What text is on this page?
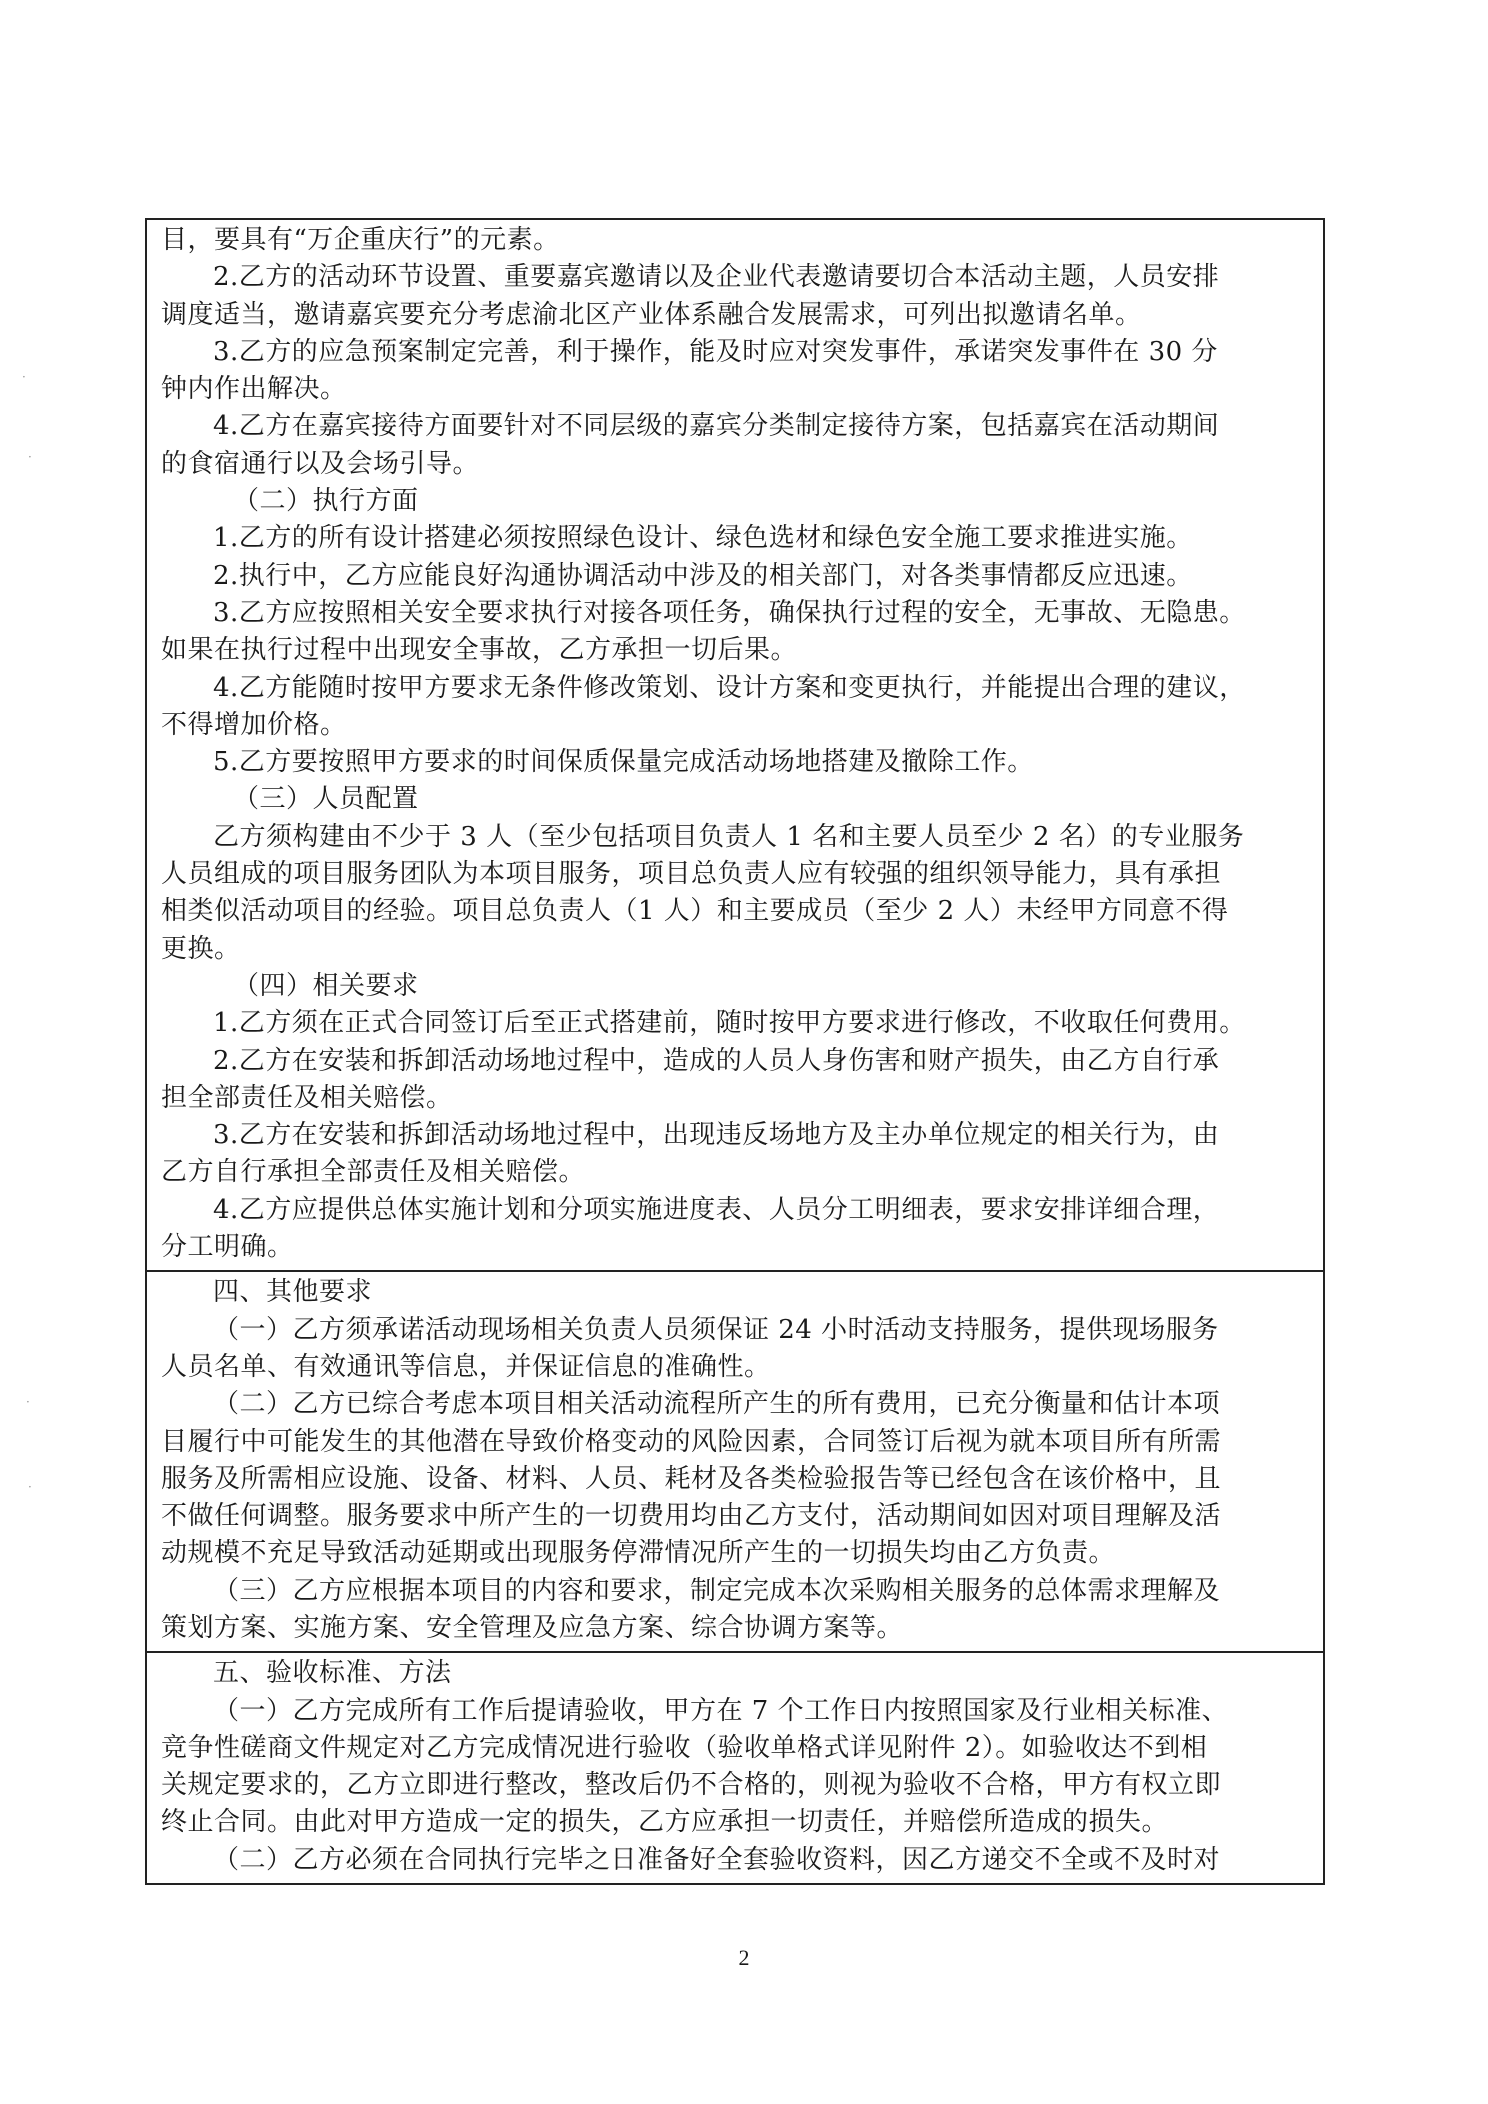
目，要具有“万企重庆行”的元素。
2.乙方的活动环节设置、重要嘉宾邀请以及企业代表邀请要切合本活动主题，人员安排
调度适当，邀请嘉宾要充分考虑渝北区产业体系融合发展需求，可列出拟邀请名单。
3.乙方的应急预案制定完善，利于操作，能及时应对突发事件，承诺突发事件在 30 分
钟内作出解决。
4.乙方在嘉宾接待方面要针对不同层级的嘉宾分类制定接待方案，包括嘉宾在活动期间
的食宿通行以及会场引导。
（二）执行方面
1.乙方的所有设计搭建必须按照绿色设计、绿色选材和绿色安全施工要求推进实施。
2.执行中，乙方应能良好沟通协调活动中涉及的相关部门，对各类事情都反应迅速。
3.乙方应按照相关安全要求执行对接各项任务，确保执行过程的安全，无事故、无隐患。
如果在执行过程中出现安全事故，乙方承担一切后果。
4.乙方能随时按甲方要求无条件修改策划、设计方案和变更执行，并能提出合理的建议，
不得增加价格。
5.乙方要按照甲方要求的时间保质保量完成活动场地搭建及撤除工作。
（三）人员配置
乙方须构建由不少于 3 人（至少包括项目负责人 1 名和主要人员至少 2 名）的专业服务
人员组成的项目服务团队为本项目服务，项目总负责人应有较强的组织领导能力，具有承担
相类似活动项目的经验。项目总负责人（1 人）和主要成员（至少 2 人）未经甲方同意不得
更换。
（四）相关要求
1.乙方须在正式合同签订后至正式搭建前，随时按甲方要求进行修改，不收取任何费用。
2.乙方在安装和拆卸活动场地过程中，造成的人员人身伤害和财产损失，由乙方自行承
担全部责任及相关赔偿。
3.乙方在安装和拆卸活动场地过程中，出现违反场地方及主办单位规定的相关行为，由
乙方自行承担全部责任及相关赔偿。
4.乙方应提供总体实施计划和分项实施进度表、人员分工明细表，要求安排详细合理，
分工明确。
四、其他要求
（一）乙方须承诺活动现场相关负责人员须保证 24 小时活动支持服务，提供现场服务
人员名单、有效通讯等信息，并保证信息的准确性。
（二）乙方已综合考虑本项目相关活动流程所产生的所有费用，已充分衡量和估计本项
目履行中可能发生的其他潜在导致价格变动的风险因素，合同签订后视为就本项目所有所需
服务及所需相应设施、设备、材料、人员、耗材及各类检验报告等已经包含在该价格中，且
不做任何调整。服务要求中所产生的一切费用均由乙方支付，活动期间如因对项目理解及活
动规模不充足导致活动延期或出现服务停滞情况所产生的一切损失均由乙方负责。
（三）乙方应根据本项目的内容和要求，制定完成本次采购相关服务的总体需求理解及
策划方案、实施方案、安全管理及应急方案、综合协调方案等。
五、验收标准、方法
（一）乙方完成所有工作后提请验收，甲方在 7 个工作日内按照国家及行业相关标准、
竞争性磋商文件规定对乙方完成情况进行验收（验收单格式详见附件 2）。如验收达不到相
关规定要求的，乙方立即进行整改，整改后仍不合格的，则视为验收不合格，甲方有权立即
终止合同。由此对甲方造成一定的损失，乙方应承担一切责任，并赔偿所造成的损失。
（二）乙方必须在合同执行完毕之日准备好全套验收资料，因乙方递交不全或不及时对
2
·
·
·
·
